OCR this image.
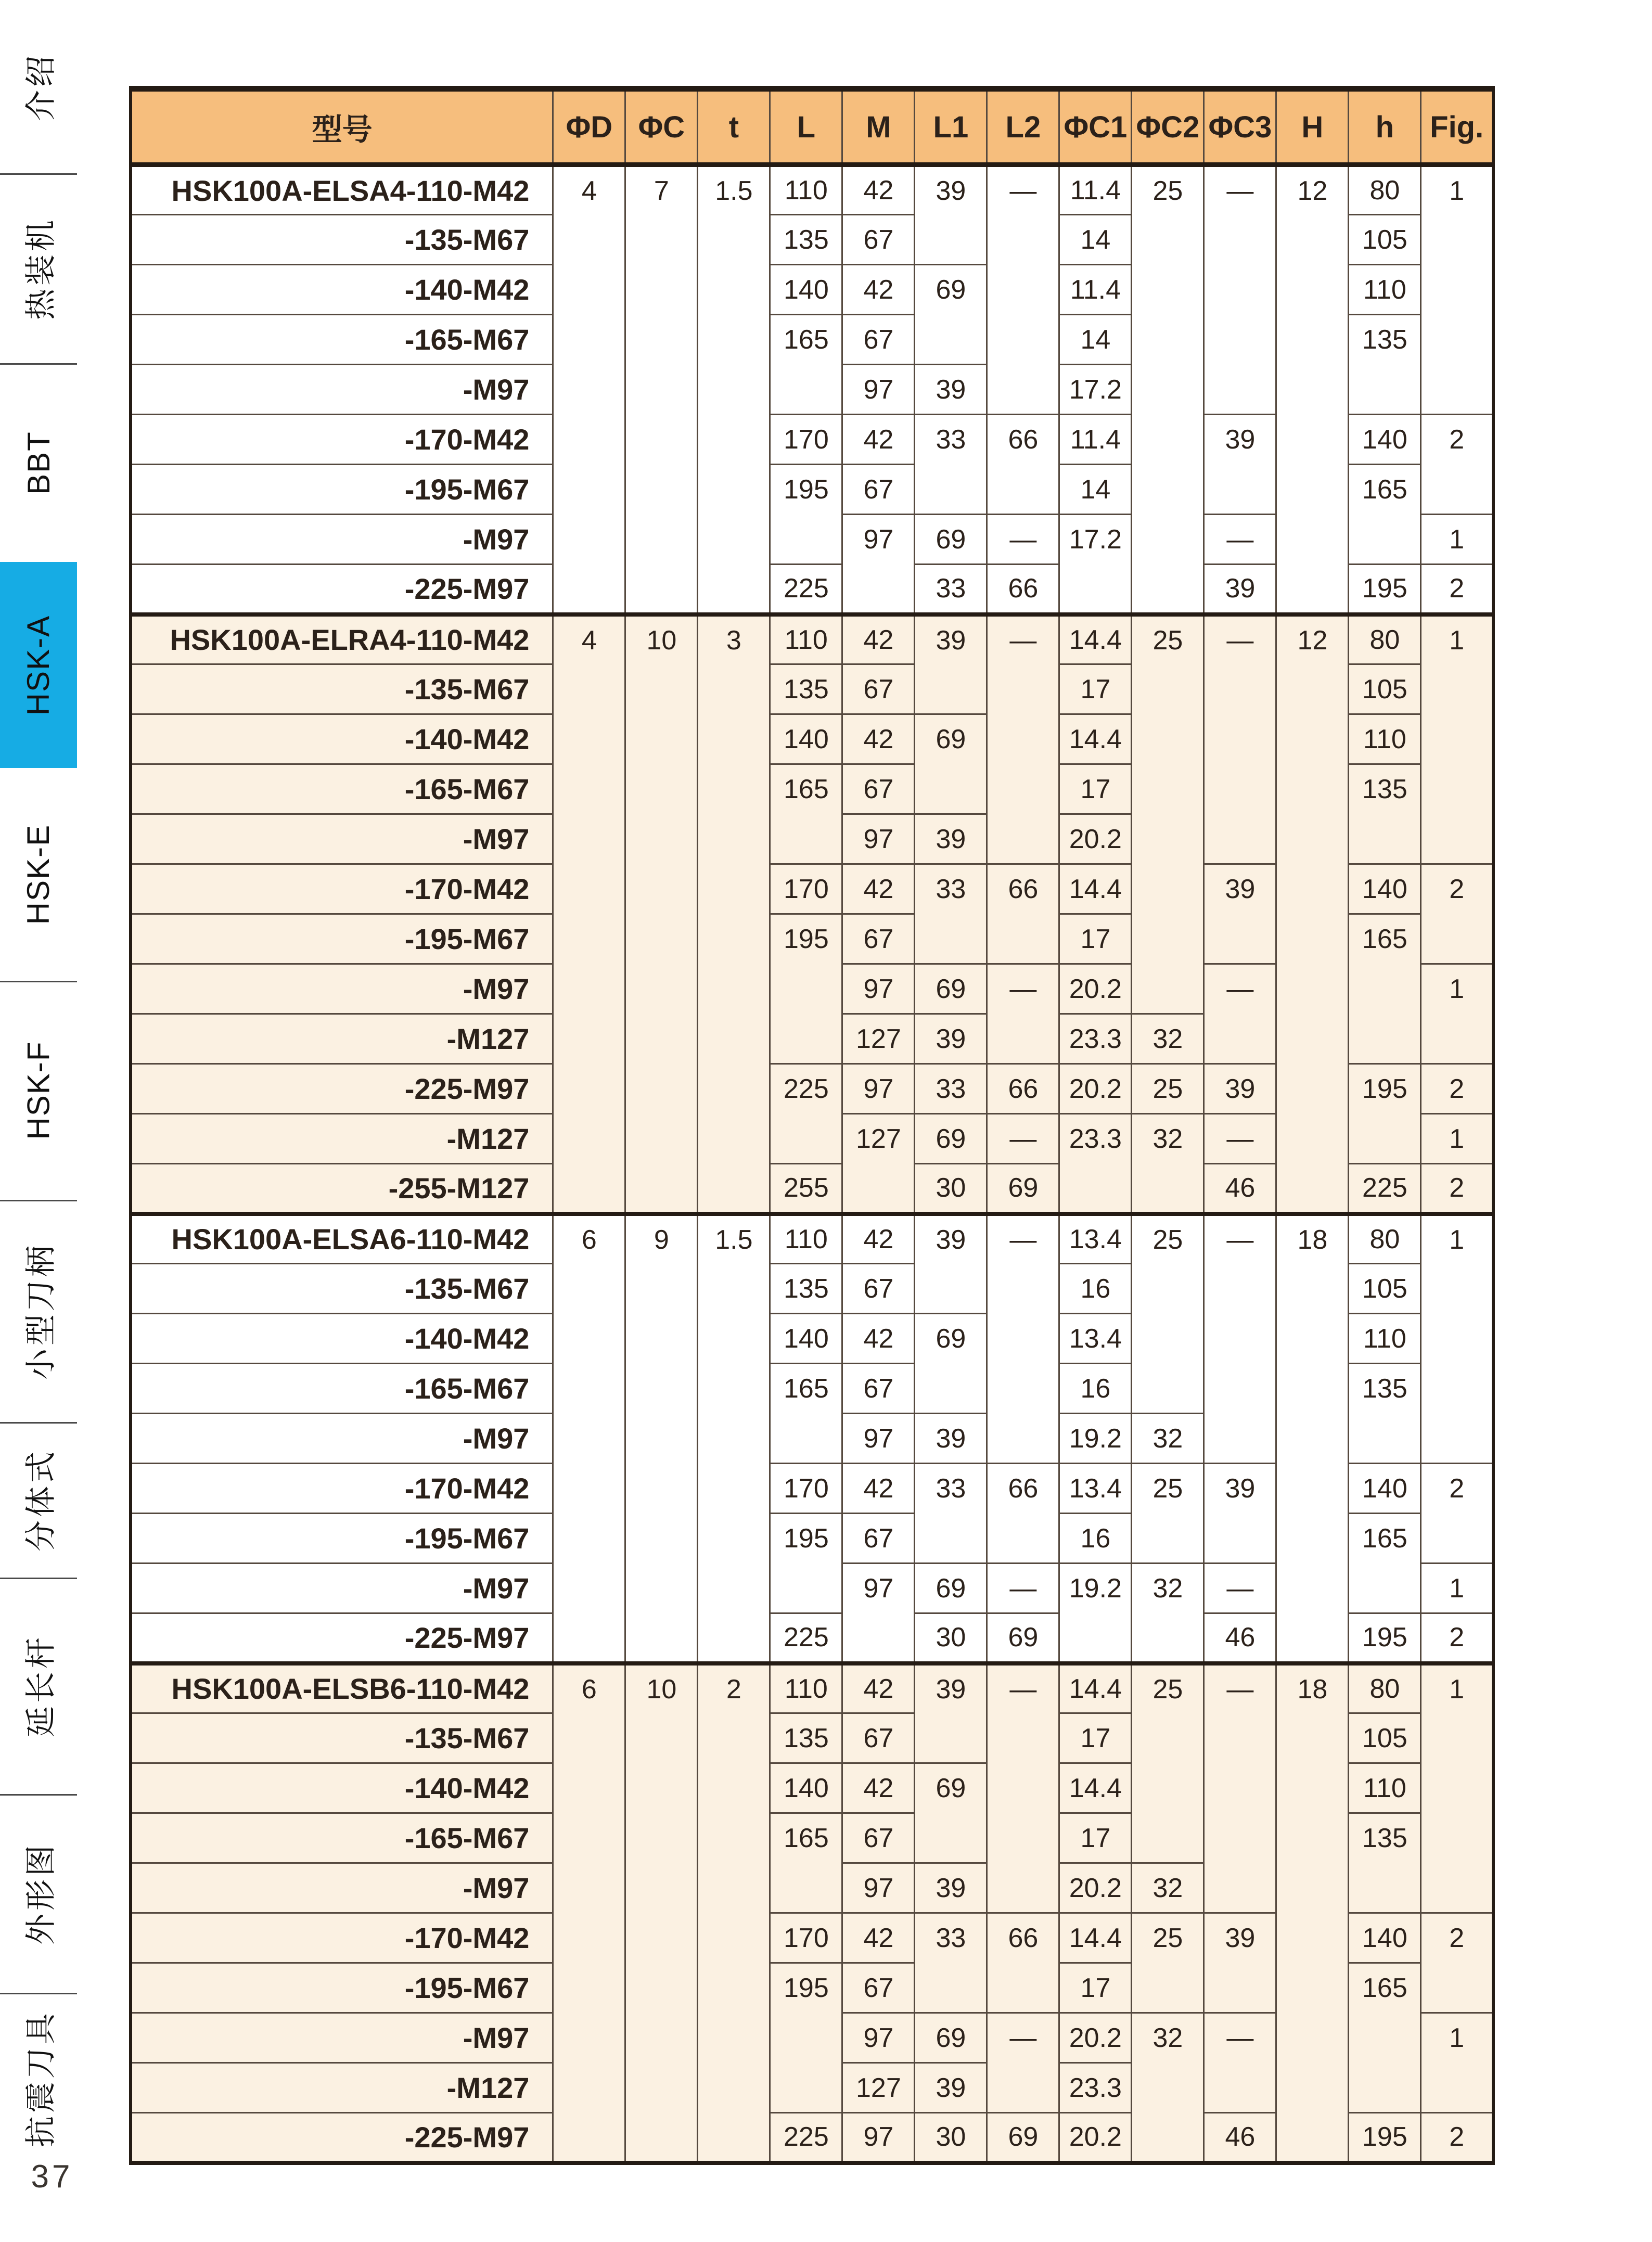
介绍
热装机
BBT
HSK-A
HSK-E
HSK-F
小型刀柄
分体式
延长杆
外形图
抗震刀具
37
型号	ΦD	ΦC	t	L	M	L1	L2	ΦC1	ΦC2	ΦC3	H	h	Fig.
HSK100A-ELSA4-110-M42	4	7	1.5	110	42	39	—	11.4	25	—	12	80	1
-135-M67				135	67			14				105	
-140-M42				140	42	69		11.4				110	
-165-M67				165	67			14				135	
-M97					97	39		17.2					
-170-M42				170	42	33	66	11.4		39		140	2
-195-M67				195	67			14				165	
-M97					97	69	—	17.2		—			1
-225-M97				225		33	66			39		195	2
HSK100A-ELRA4-110-M42	4	10	3	110	42	39	—	14.4	25	—	12	80	1
-135-M67				135	67			17				105	
-140-M42				140	42	69		14.4				110	
-165-M67				165	67			17				135	
-M97					97	39		20.2					
-170-M42				170	42	33	66	14.4		39		140	2
-195-M67				195	67			17				165	
-M97					97	69	—	20.2		—			1
-M127					127	39		23.3	32				
-225-M97				225	97	33	66	20.2	25	39		195	2
-M127					127	69	—	23.3	32	—			1
-255-M127				255		30	69			46		225	2
HSK100A-ELSA6-110-M42	6	9	1.5	110	42	39	—	13.4	25	—	18	80	1
-135-M67				135	67			16				105	
-140-M42				140	42	69		13.4				110	
-165-M67				165	67			16				135	
-M97					97	39		19.2	32				
-170-M42				170	42	33	66	13.4	25	39		140	2
-195-M67				195	67			16				165	
-M97					97	69	—	19.2	32	—			1
-225-M97				225		30	69			46		195	2
HSK100A-ELSB6-110-M42	6	10	2	110	42	39	—	14.4	25	—	18	80	1
-135-M67				135	67			17				105	
-140-M42				140	42	69		14.4				110	
-165-M67				165	67			17				135	
-M97					97	39		20.2	32				
-170-M42				170	42	33	66	14.4	25	39		140	2
-195-M67				195	67			17				165	
-M97					97	69	—	20.2	32	—			1
-M127					127	39		23.3					
-225-M97				225	97	30	69	20.2		46		195	2
